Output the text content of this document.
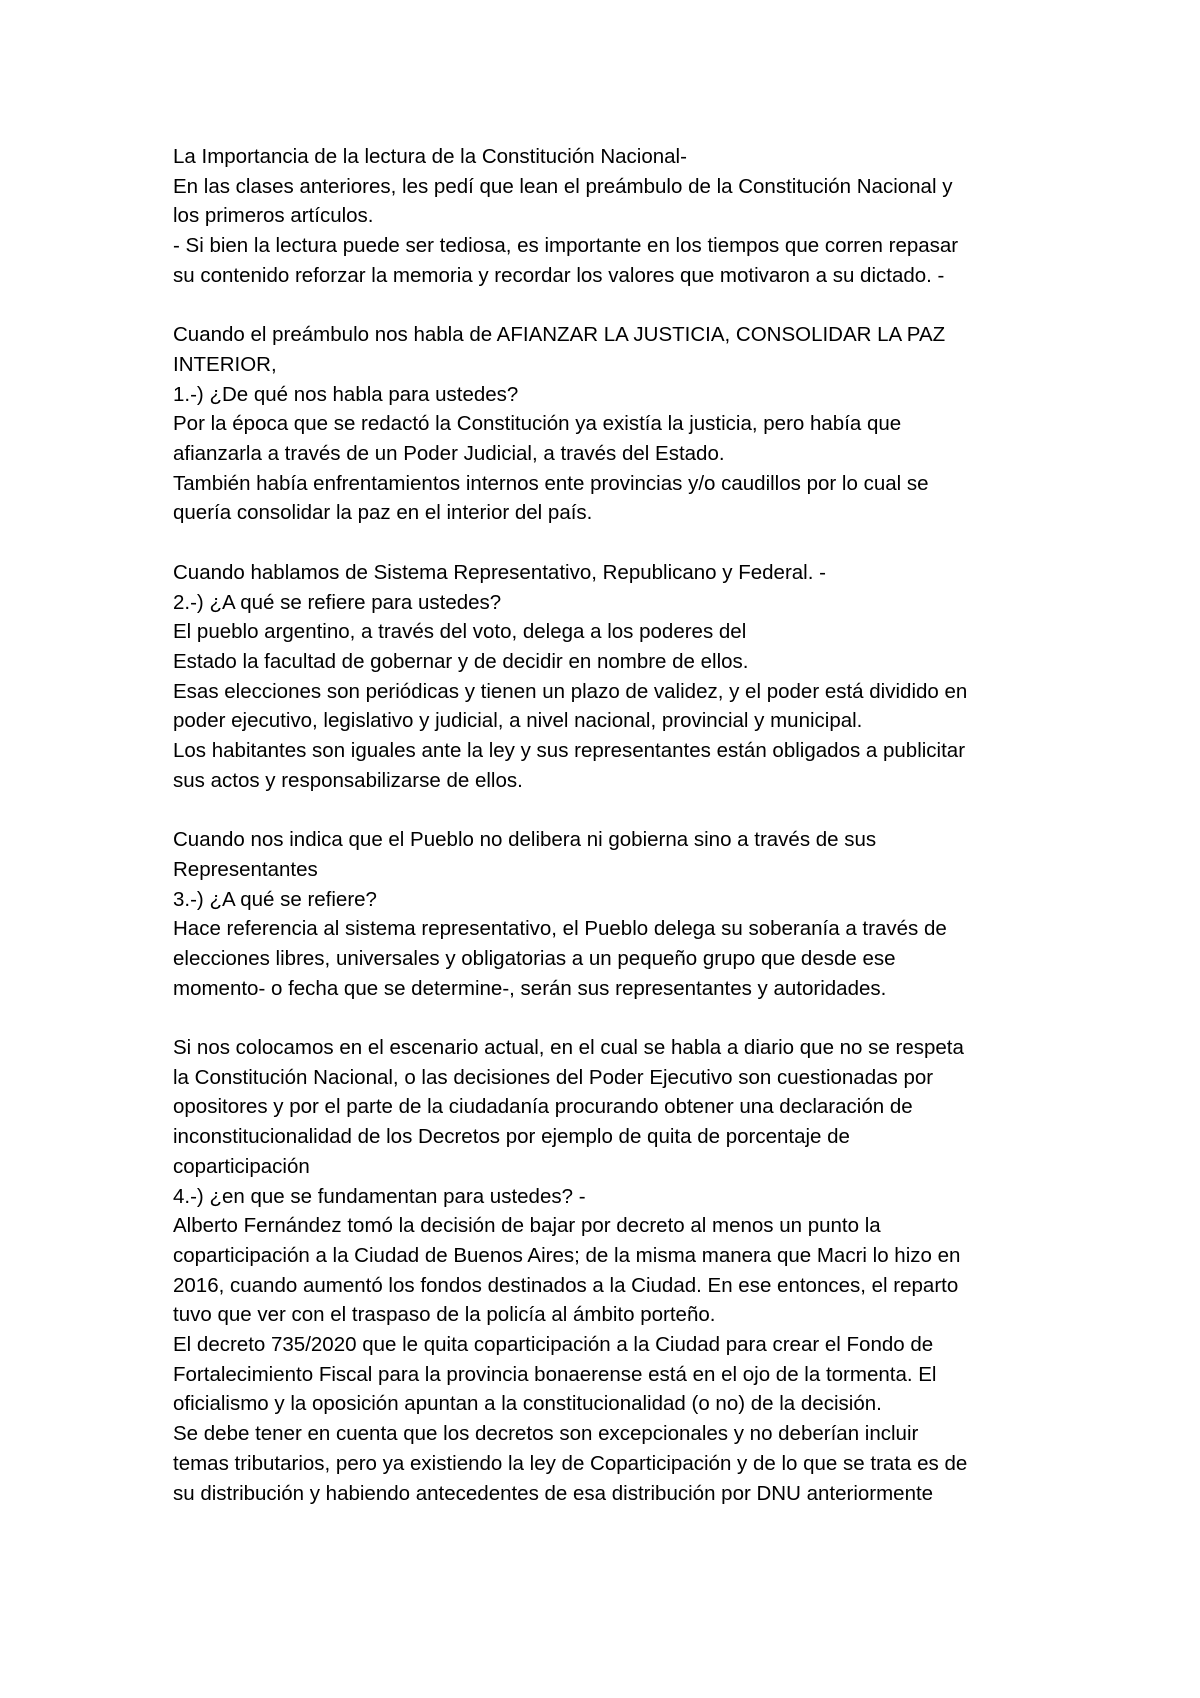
La Importancia de la lectura de la Constitución Nacional-
En las clases anteriores, les pedí que lean el preámbulo de la Constitución Nacional y
los primeros artículos.
- Si bien la lectura puede ser tediosa, es importante en los tiempos que corren repasar
su contenido reforzar la memoria y recordar los valores que motivaron a su dictado. -
Cuando el preámbulo nos habla de AFIANZAR LA JUSTICIA, CONSOLIDAR LA PAZ
INTERIOR,
1.-) ¿De qué nos habla para ustedes?
Por la época que se redactó la Constitución ya existía la justicia, pero había que
afianzarla a través de un Poder Judicial, a través del Estado.
También había enfrentamientos internos ente provincias y/o caudillos por lo cual se
quería consolidar la paz en el interior del país.
Cuando hablamos de Sistema Representativo, Republicano y Federal. -
2.-) ¿A qué se refiere para ustedes?
El pueblo argentino, a través del voto, delega a los poderes del
Estado la facultad de gobernar y de decidir en nombre de ellos.
Esas elecciones son periódicas y tienen un plazo de validez, y el poder está dividido en
poder ejecutivo, legislativo y judicial, a nivel nacional, provincial y municipal.
Los habitantes son iguales ante la ley y sus representantes están obligados a publicitar
sus actos y responsabilizarse de ellos.
Cuando nos indica que el Pueblo no delibera ni gobierna sino a través de sus
Representantes
3.-) ¿A qué se refiere?
Hace referencia al sistema representativo, el Pueblo delega su soberanía a través de
elecciones libres, universales y obligatorias a un pequeño grupo que desde ese
momento- o fecha que se determine-, serán sus representantes y autoridades.
Si nos colocamos en el escenario actual, en el cual se habla a diario que no se respeta
la Constitución Nacional, o las decisiones del Poder Ejecutivo son cuestionadas por
opositores y por el parte de la ciudadanía procurando obtener una declaración de
inconstitucionalidad de los Decretos por ejemplo de quita de porcentaje de
coparticipación
4.-) ¿en que se fundamentan para ustedes? -
Alberto Fernández tomó la decisión de bajar por decreto al menos un punto la
coparticipación a la Ciudad de Buenos Aires; de la misma manera que Macri lo hizo en
2016, cuando aumentó los fondos destinados a la Ciudad. En ese entonces, el reparto
tuvo que ver con el traspaso de la policía al ámbito porteño.
El decreto 735/2020 que le quita coparticipación a la Ciudad para crear el Fondo de
Fortalecimiento Fiscal para la provincia bonaerense está en el ojo de la tormenta. El
oficialismo y la oposición apuntan a la constitucionalidad (o no) de la decisión.
Se debe tener en cuenta que los decretos son excepcionales y no deberían incluir
temas tributarios, pero ya existiendo la ley de Coparticipación y de lo que se trata es de
su distribución y habiendo antecedentes de esa distribución por DNU anteriormente
